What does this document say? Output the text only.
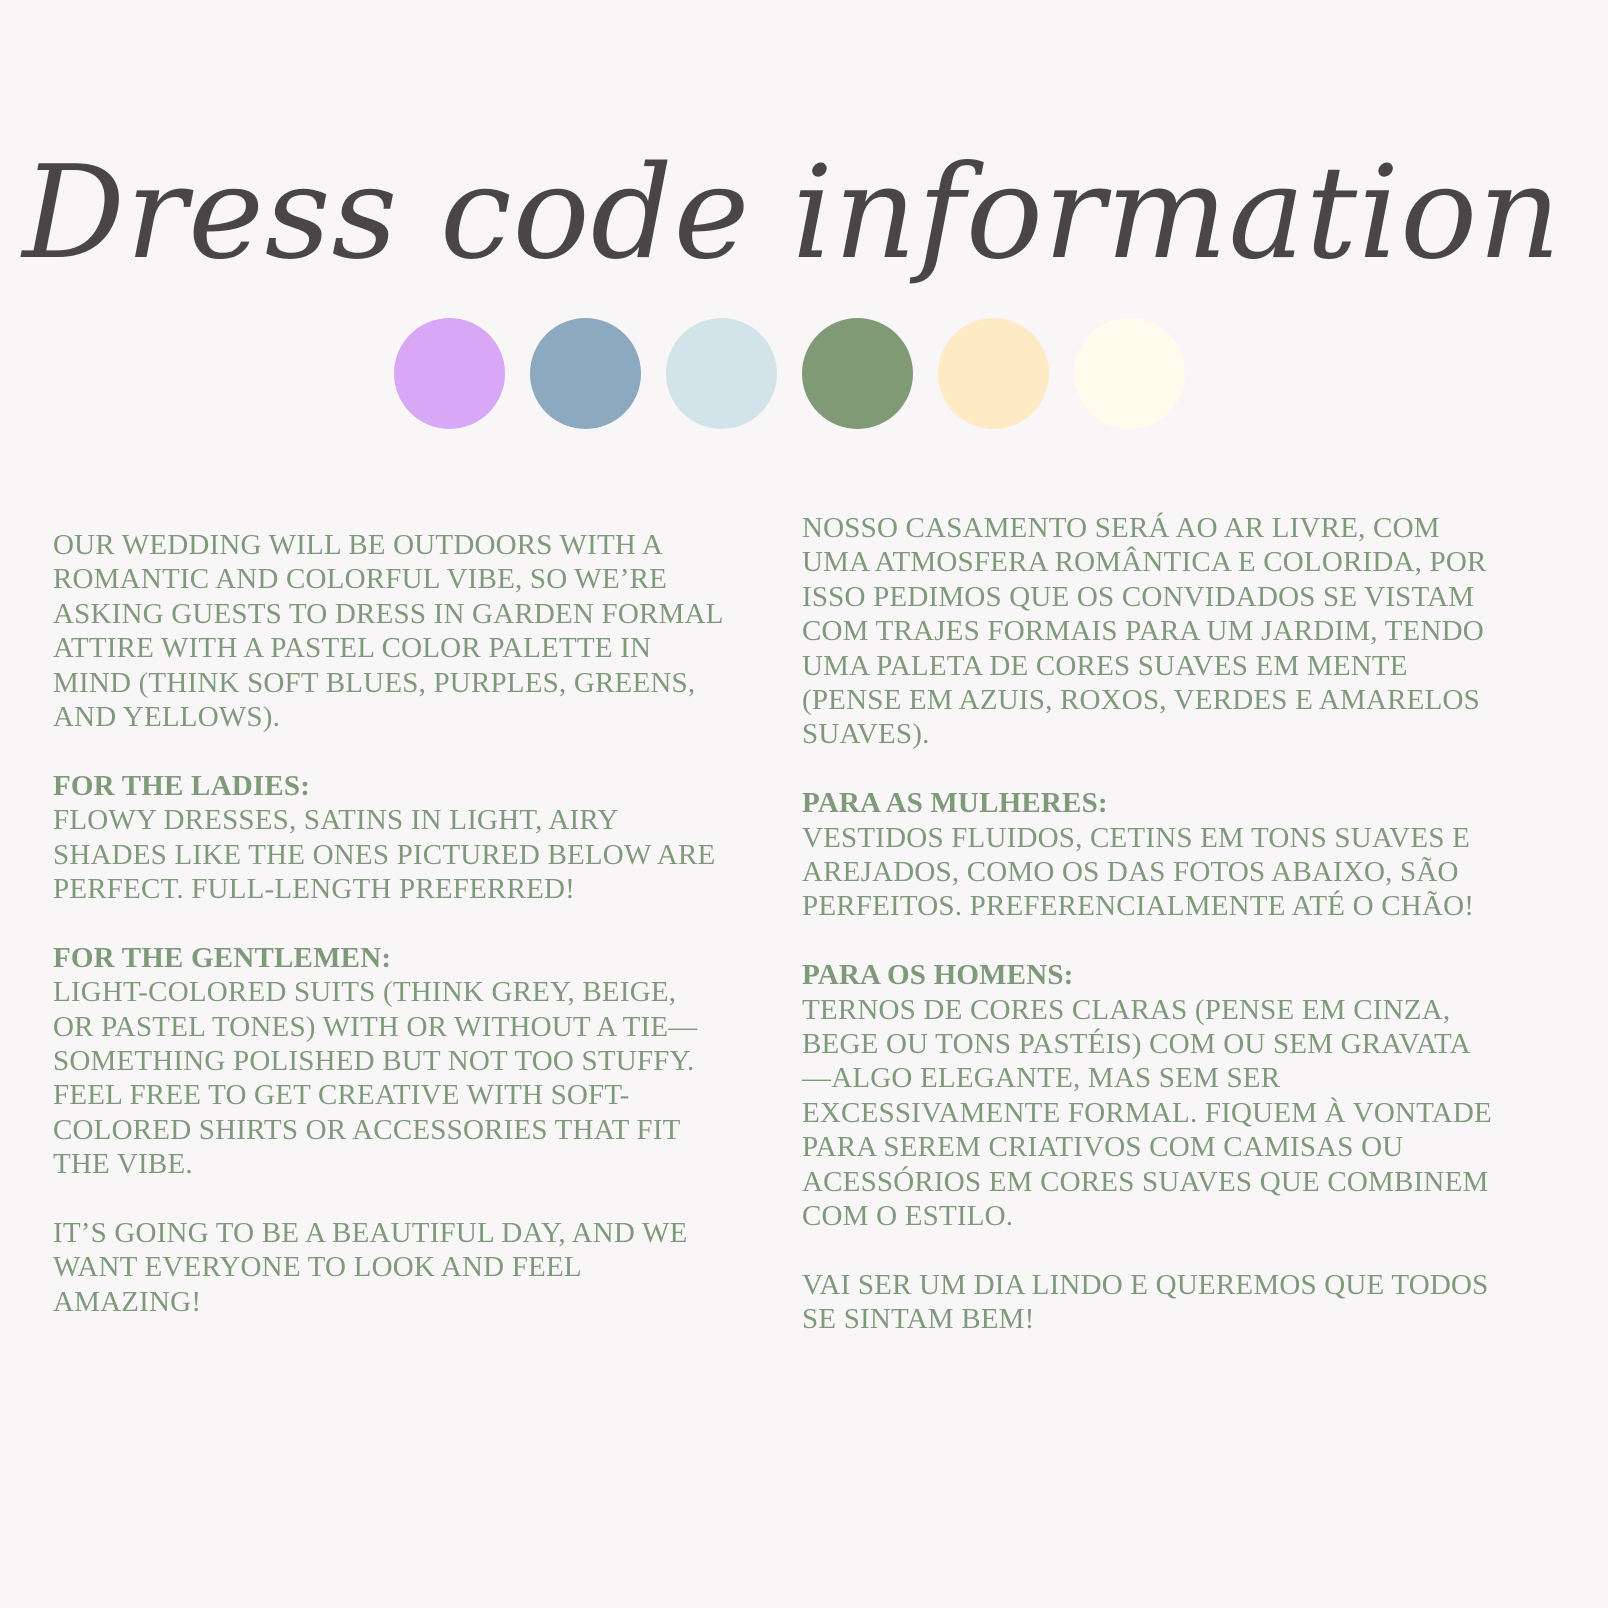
Dress code information

OUR WEDDING WILL BE OUTDOORS WITH A
ROMANTIC AND COLORFUL VIBE, SO WE’RE
ASKING GUESTS TO DRESS IN GARDEN FORMAL
ATTIRE WITH A PASTEL COLOR PALETTE IN
MIND (THINK SOFT BLUES, PURPLES, GREENS,
AND YELLOWS).

FOR THE LADIES:
FLOWY DRESSES, SATINS IN LIGHT, AIRY
SHADES LIKE THE ONES PICTURED BELOW ARE
PERFECT. FULL-LENGTH PREFERRED!

FOR THE GENTLEMEN:
LIGHT-COLORED SUITS (THINK GREY, BEIGE,
OR PASTEL TONES) WITH OR WITHOUT A TIE—
SOMETHING POLISHED BUT NOT TOO STUFFY.
FEEL FREE TO GET CREATIVE WITH SOFT-
COLORED SHIRTS OR ACCESSORIES THAT FIT
THE VIBE.

IT’S GOING TO BE A BEAUTIFUL DAY, AND WE
WANT EVERYONE TO LOOK AND FEEL
AMAZING!

NOSSO CASAMENTO SERÁ AO AR LIVRE, COM
UMA ATMOSFERA ROMÂNTICA E COLORIDA, POR
ISSO PEDIMOS QUE OS CONVIDADOS SE VISTAM
COM TRAJES FORMAIS PARA UM JARDIM, TENDO
UMA PALETA DE CORES SUAVES EM MENTE
(PENSE EM AZUIS, ROXOS, VERDES E AMARELOS
SUAVES).

PARA AS MULHERES:
VESTIDOS FLUIDOS, CETINS EM TONS SUAVES E
AREJADOS, COMO OS DAS FOTOS ABAIXO, SÃO
PERFEITOS. PREFERENCIALMENTE ATÉ O CHÃO!

PARA OS HOMENS:
TERNOS DE CORES CLARAS (PENSE EM CINZA,
BEGE OU TONS PASTÉIS) COM OU SEM GRAVATA
—ALGO ELEGANTE, MAS SEM SER
EXCESSIVAMENTE FORMAL. FIQUEM À VONTADE
PARA SEREM CRIATIVOS COM CAMISAS OU
ACESSÓRIOS EM CORES SUAVES QUE COMBINEM
COM O ESTILO.

VAI SER UM DIA LINDO E QUEREMOS QUE TODOS
SE SINTAM BEM!
